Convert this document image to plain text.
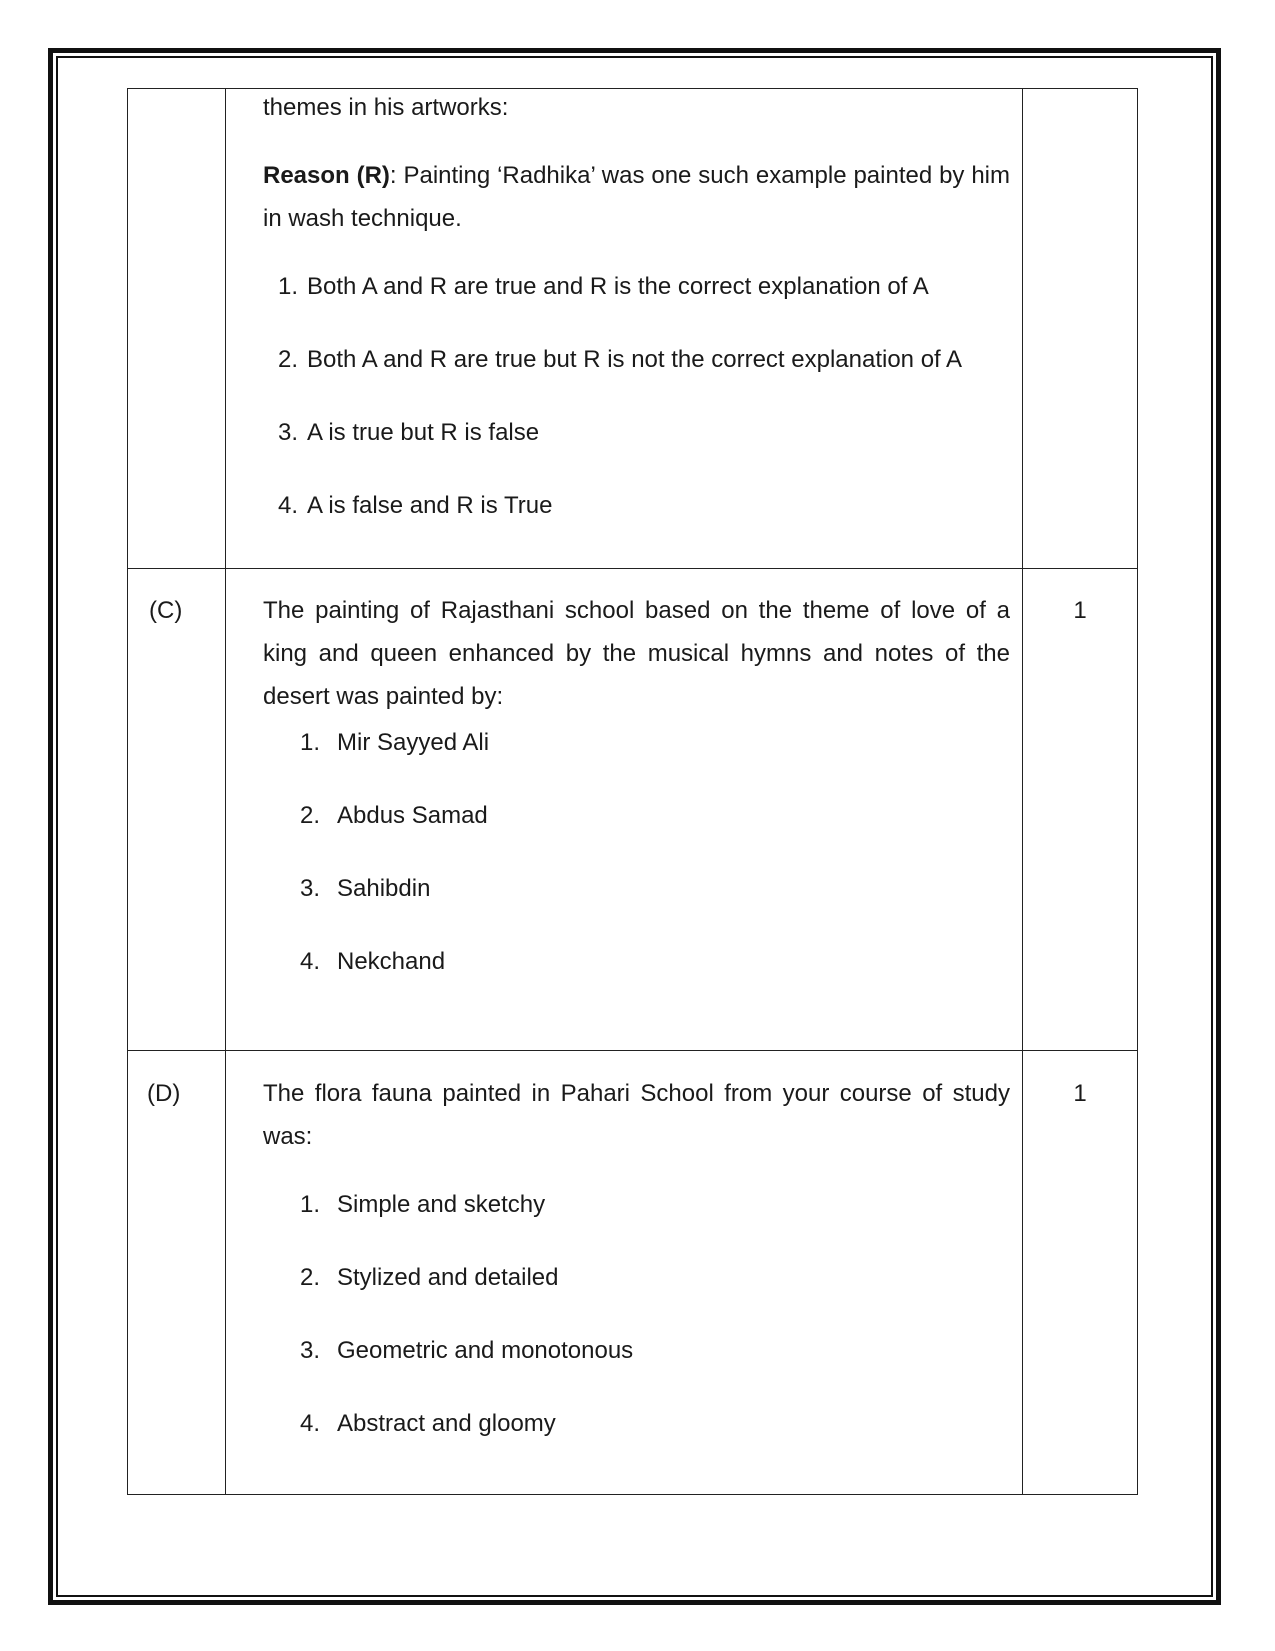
themes in his artworks:

Reason (R): Painting ‘Radhika’ was one such example painted by him in wash technique.

1. Both A and R are true and R is the correct explanation of A
2. Both A and R are true but R is not the correct explanation of A
3. A is true but R is false
4. A is false and R is True
(C)	The painting of Rajasthani school based on the theme of love of a king and queen enhanced by the musical hymns and notes of the desert was painted by:

1. Mir Sayyed Ali
2. Abdus Samad
3. Sahibdin
4. Nekchand
1
(D)	The flora fauna painted in Pahari School from your course of study was:

1. Simple and sketchy
2. Stylized and detailed
3. Geometric and monotonous
4. Abstract and gloomy
1
